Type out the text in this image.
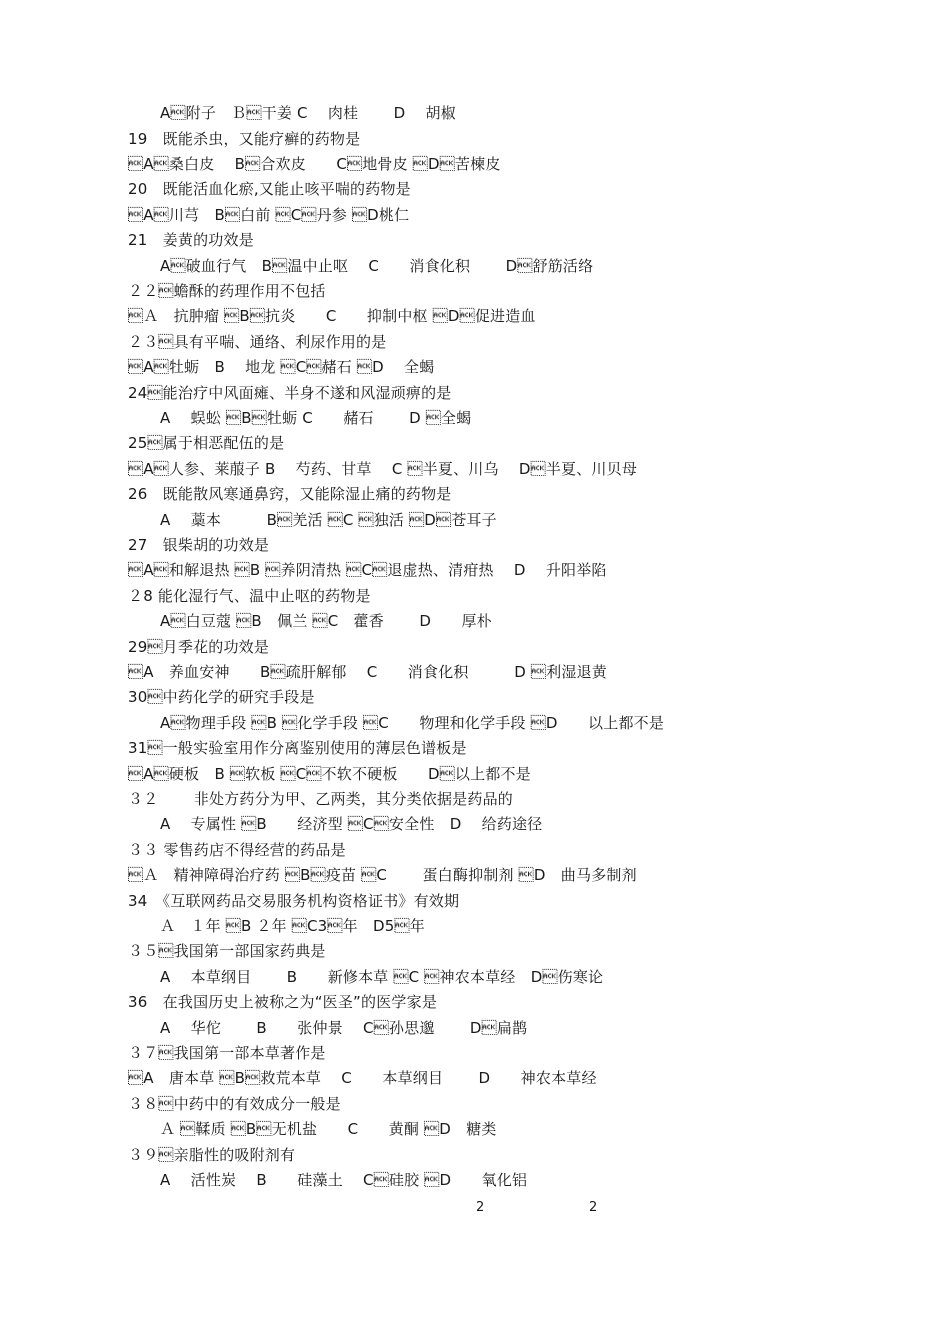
A附子　Ｂ干姜 C　 肉桂　　 D　 胡椒
19　既能杀虫，又能疗癣的药物是
A桑白皮　 B合欢皮　　C地骨皮 D苦楝皮
20　既能活血化瘀,又能止咳平喘的药物是
A川芎　B白前 C丹参 D桃仁
21　姜黄的功效是
A破血行气　B温中止呕　 C　　消食化积　　 D舒筋活络
２２蟾酥的药理作用不包括
Ａ　抗肿瘤 B抗炎　　C　　抑制中枢 D促进造血
２３具有平喘、通络、利尿作用的是
A牡蛎　B　 地龙 C赭石 D　 全蝎
24能治疗中风面瘫、半身不遂和风湿顽痹的是
A　 蜈蚣 B牡蛎 C　　赭石　　 D 全蝎
25属于相恶配伍的是
A人参、莱菔子 B　 芍药、甘草　 C 半夏、川乌　 D半夏、川贝母
26　既能散风寒通鼻窍，又能除湿止痛的药物是
A　 藁本　　　B羌活 C 独活 D苍耳子
27　银柴胡的功效是
A和解退热 B 养阴清热 C退虚热、清疳热　 D　 升阳举陷
２8 能化湿行气、温中止呕的药物是
A白豆蔻 B　佩兰 C　藿香　　 D　　厚朴
29月季花的功效是
A　养血安神　　B疏肝解郁　 C　　消食化积　　　D 利湿退黄
30中药化学的研究手段是
A物理手段 B 化学手段 C　　物理和化学手段 D　　以上都不是
31一般实验室用作分离鉴别使用的薄层色谱板是
A硬板　B 软板 C不软不硬板　　D以上都不是
３２　　 非处方药分为甲、乙两类，其分类依据是药品的
A　 专属性 B　　经济型 C安全性　D　 给药途径
３３ 零售药店不得经营的药品是
Ａ　精神障碍治疗药 B疫苗 C　　 蛋白酶抑制剂 D　曲马多制剂
34　《互联网药品交易服务机构资格证书》有效期
Ａ　１年 B ２年 C3年　D5年
３５我国第一部国家药典是
A　 本草纲目　　 B　　新修本草 C 神农本草经　D伤寒论
36　在我国历史上被称之为“医圣”的医学家是
A　 华佗　　 B　　张仲景　 C孙思邈　　 D扁鹊
３７我国第一部本草著作是
A　唐本草 B救荒本草　 C　　本草纲目　　 D　　神农本草经
３８中药中的有效成分一般是
Ａ 鞣质 B无机盐　　C　　黄酮 D　糖类
３９亲脂性的吸附剂有
A　 活性炭　 B　　硅藻土　 C硅胶 D　　氧化铝
2	2
